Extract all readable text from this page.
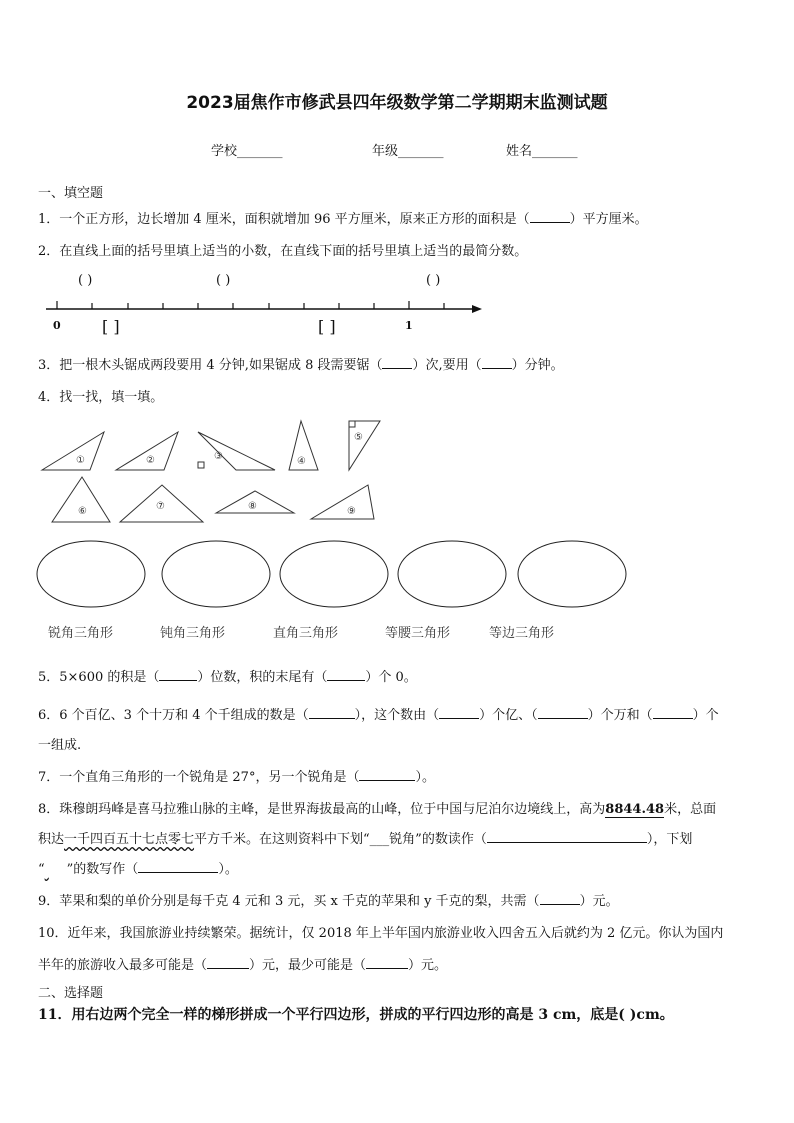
2023届焦作市修武县四年级数学第二学期期末监测试题
学校_______	年级_______	姓名_______
一、填空题
1．一个正方形，边长增加 4 厘米，面积就增加 96 平方厘米，原来正方形的面积是（	）平方厘米。
2．在直线上面的括号里填上适当的小数，在直线下面的括号里填上适当的最简分数。
( )	( )	( )
0	1
[ ]	[ ]
3．把一根木头锯成两段要用 4 分钟,如果锯成 8 段需要锯（ ）次,要用（ ）分钟。
4．找一找，填一填。
①	②	③	④
⑤
⑥	⑦	⑧	⑨
锐角三角形	钝角三角形	直角三角形	等腰三角形	等边三角形
5．5×600 的积是（	）位数，积的末尾有（	）个 0。
6．6 个百亿、3 个十万和 4 个千组成的数是（	），这个数由（	）个亿、（	）个万和（	）个
一组成.
7．一个直角三角形的一个锐角是 27°，另一个锐角是（	）。
8．珠穆朗玛峰是喜马拉雅山脉的主峰，是世界海拔最高的山峰，位于中国与尼泊尔边境线上，高为8844.48米，总面
积达一千四百五十七点零七平方千米。在这则资料中下划“___锐角”的数读作（	），下划
“ ”的数写作（	）。
9．苹果和梨的单价分别是每千克 4 元和 3 元，买 x 千克的苹果和 y 千克的梨，共需（	）元。
10．近年来，我国旅游业持续繁荣。据统计，仅 2018 年上半年国内旅游业收入四舍五入后就约为 2 亿元。你认为国内
半年的旅游收入最多可能是（	）元，最少可能是（	）元。
二、选择题
11．用右边两个完全一样的梯形拼成一个平行四边形，拼成的平行四边形的高是 3 cm，底是( )cm。
